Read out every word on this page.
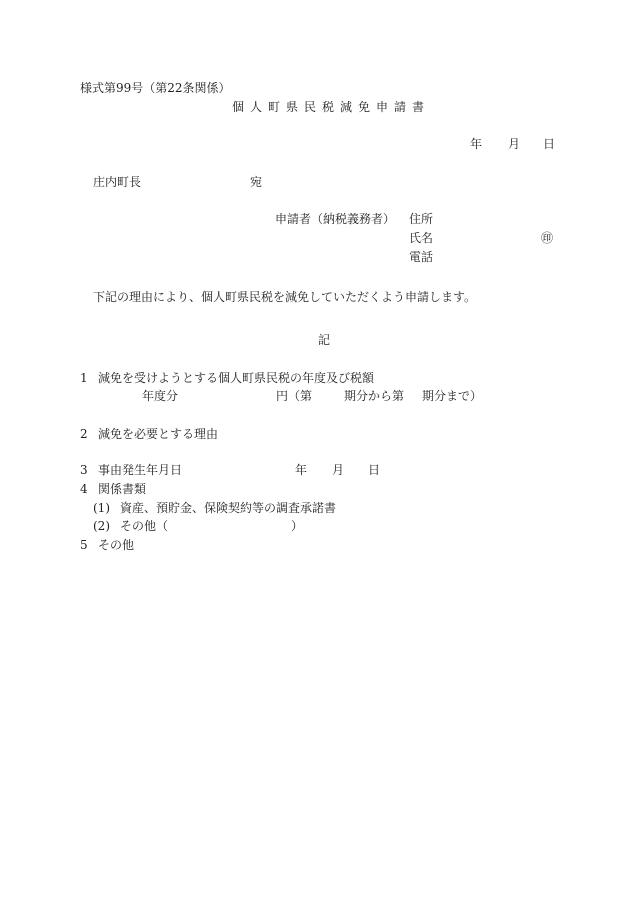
様式第99号（第22条関係）
個人町県民税減免申請書
年 月 日
庄内町長	宛
申請者（納税義務者） 住所
氏名	㊞
電話
下記の理由により、個人町県民税を減免していただくよう申請します。
記
1 減免を受けようとする個人町県民税の年度及び税額
年度分	円（第	期分から第 期分まで）
2 減免を必要とする理由
3 事由発生年月日	年 月 日
4 関係書類
(1) 資産、預貯金、保険契約等の調査承諾書
(2) その他（	）
5 その他
